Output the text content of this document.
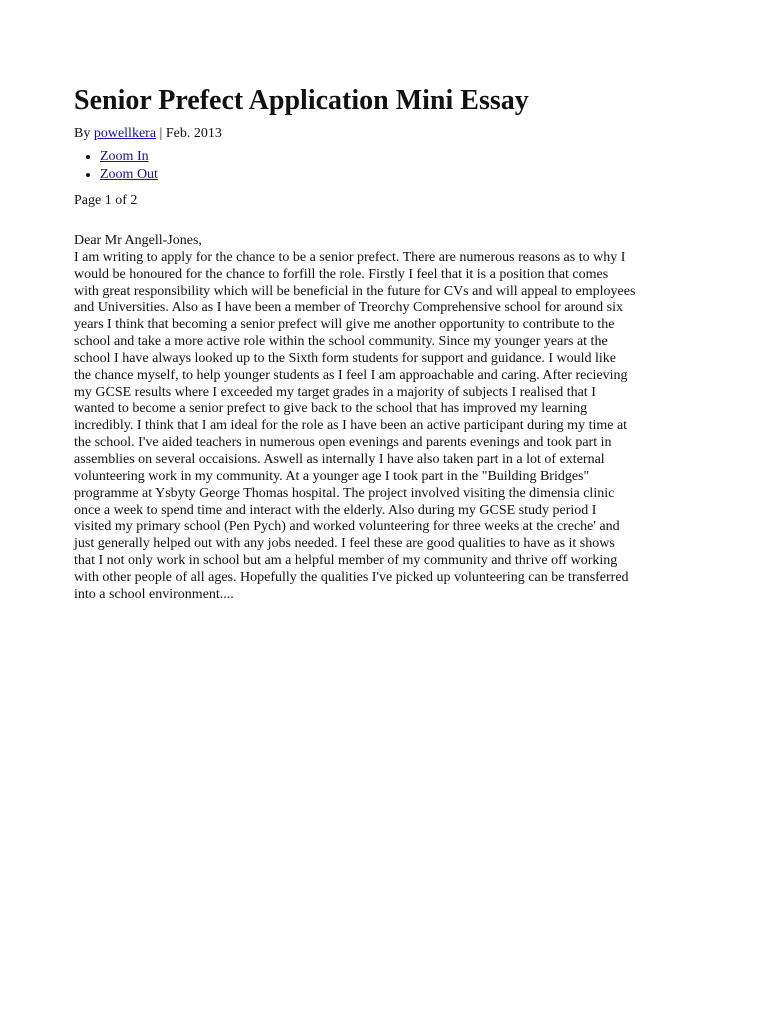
Senior Prefect Application Mini Essay
By powellkera | Feb. 2013
• Zoom In
• Zoom Out
Page 1 of 2
Dear Mr Angell-Jones,
I am writing to apply for the chance to be a senior prefect. There are numerous reasons as to why I
would be honoured for the chance to forfill the role. Firstly I feel that it is a position that comes
with great responsibility which will be beneficial in the future for CVs and will appeal to employees
and Universities. Also as I have been a member of Treorchy Comprehensive school for around six
years I think that becoming a senior prefect will give me another opportunity to contribute to the
school and take a more active role within the school community. Since my younger years at the
school I have always looked up to the Sixth form students for support and guidance. I would like
the chance myself, to help younger students as I feel I am approachable and caring. After recieving
my GCSE results where I exceeded my target grades in a majority of subjects I realised that I
wanted to become a senior prefect to give back to the school that has improved my learning
incredibly. I think that I am ideal for the role as I have been an active participant during my time at
the school. I've aided teachers in numerous open evenings and parents evenings and took part in
assemblies on several occaisions. Aswell as internally I have also taken part in a lot of external
volunteering work in my community. At a younger age I took part in the "Building Bridges"
programme at Ysbyty George Thomas hospital. The project involved visiting the dimensia clinic
once a week to spend time and interact with the elderly. Also during my GCSE study period I
visited my primary school (Pen Pych) and worked volunteering for three weeks at the creche' and
just generally helped out with any jobs needed. I feel these are good qualities to have as it shows
that I not only work in school but am a helpful member of my community and thrive off working
with other people of all ages. Hopefully the qualities I've picked up volunteering can be transferred
into a school environment....
